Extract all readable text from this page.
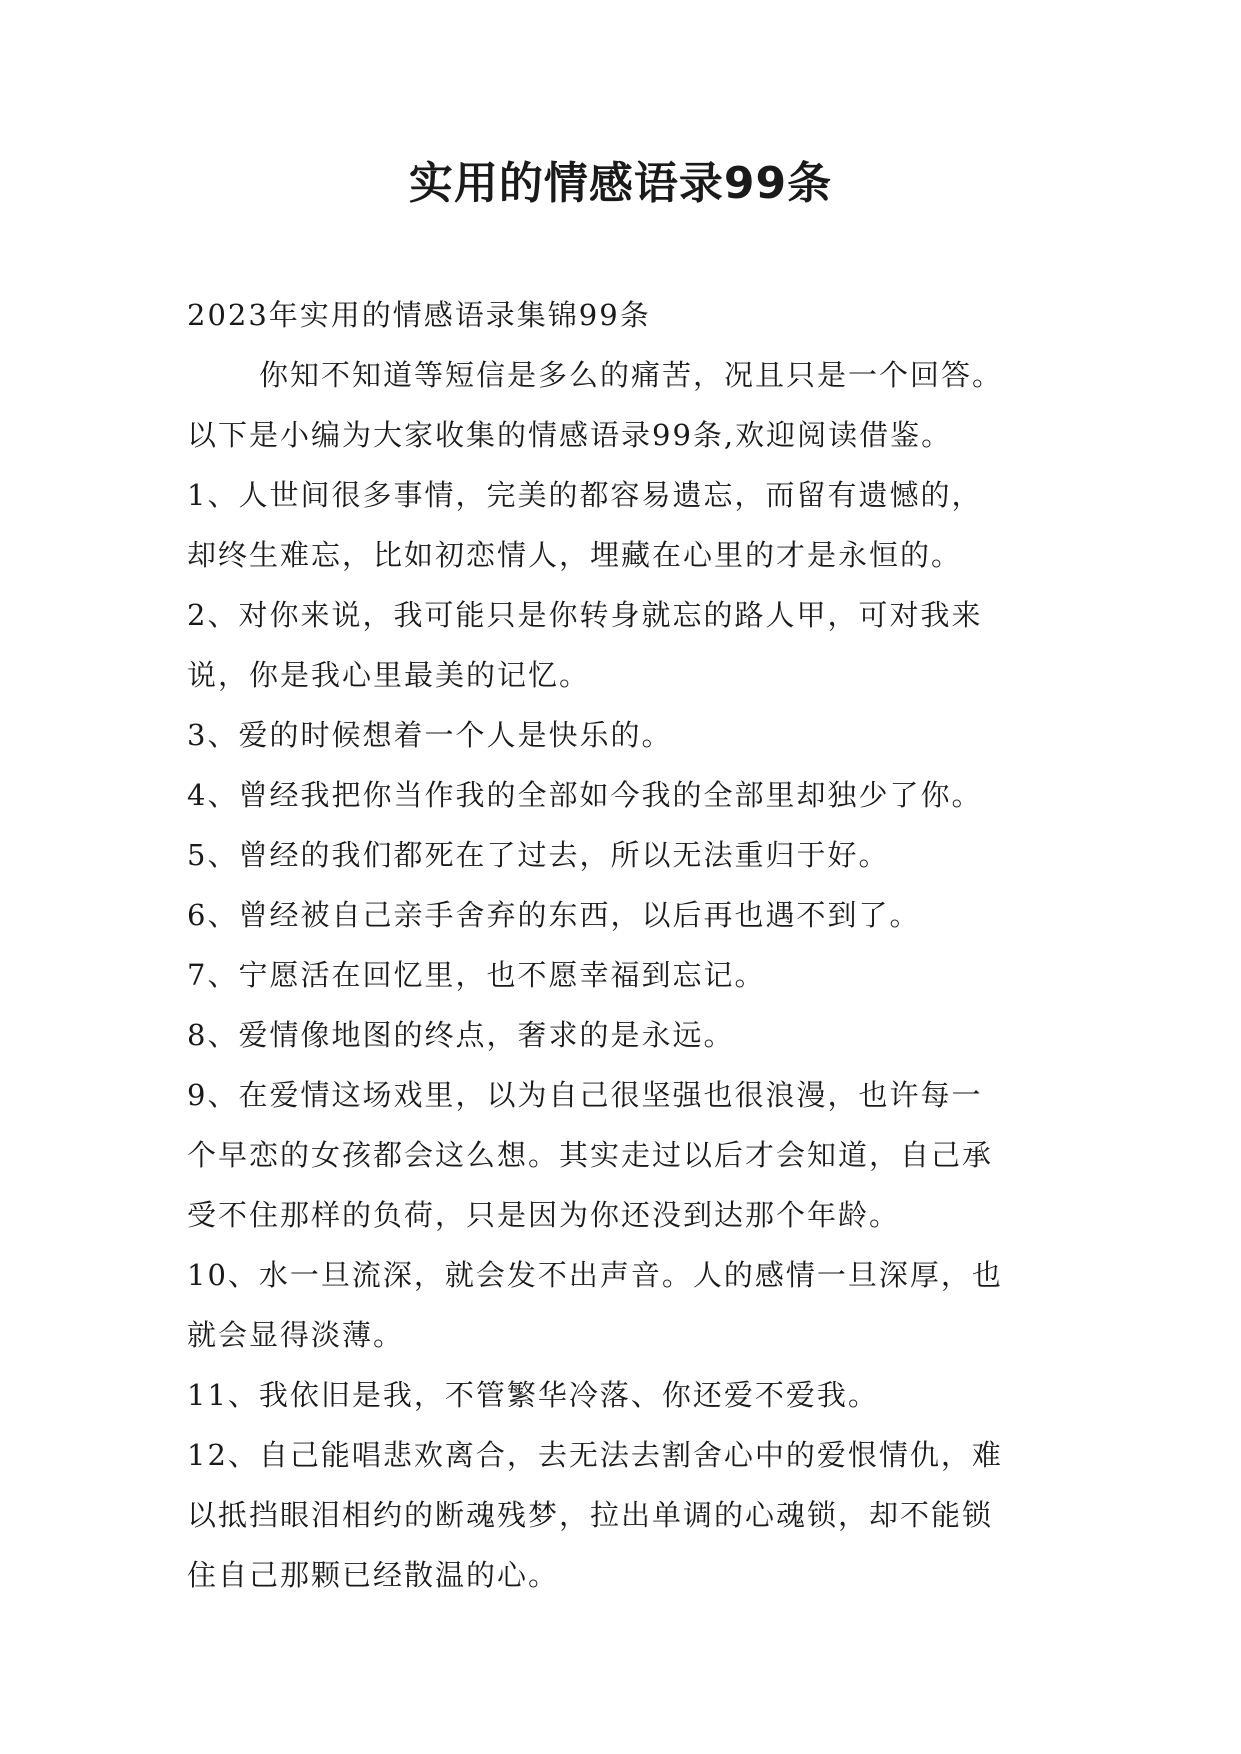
实用的情感语录99条
2023年实用的情感语录集锦99条
你知不知道等短信是多么的痛苦，况且只是一个回答。
以下是小编为大家收集的情感语录99条,欢迎阅读借鉴。
1、人世间很多事情，完美的都容易遗忘，而留有遗憾的，
却终生难忘，比如初恋情人，埋藏在心里的才是永恒的。
2、对你来说，我可能只是你转身就忘的路人甲，可对我来
说，你是我心里最美的记忆。
3、爱的时候想着一个人是快乐的。
4、曾经我把你当作我的全部如今我的全部里却独少了你。
5、曾经的我们都死在了过去，所以无法重归于好。
6、曾经被自己亲手舍弃的东西，以后再也遇不到了。
7、宁愿活在回忆里，也不愿幸福到忘记。
8、爱情像地图的终点，奢求的是永远。
9、在爱情这场戏里，以为自己很坚强也很浪漫，也许每一
个早恋的女孩都会这么想。其实走过以后才会知道，自己承
受不住那样的负荷，只是因为你还没到达那个年龄。
10、水一旦流深，就会发不出声音。人的感情一旦深厚，也
就会显得淡薄。
11、我依旧是我，不管繁华冷落、你还爱不爱我。
12、自己能唱悲欢离合，去无法去割舍心中的爱恨情仇，难
以抵挡眼泪相约的断魂残梦，拉出单调的心魂锁，却不能锁
住自己那颗已经散温的心。
